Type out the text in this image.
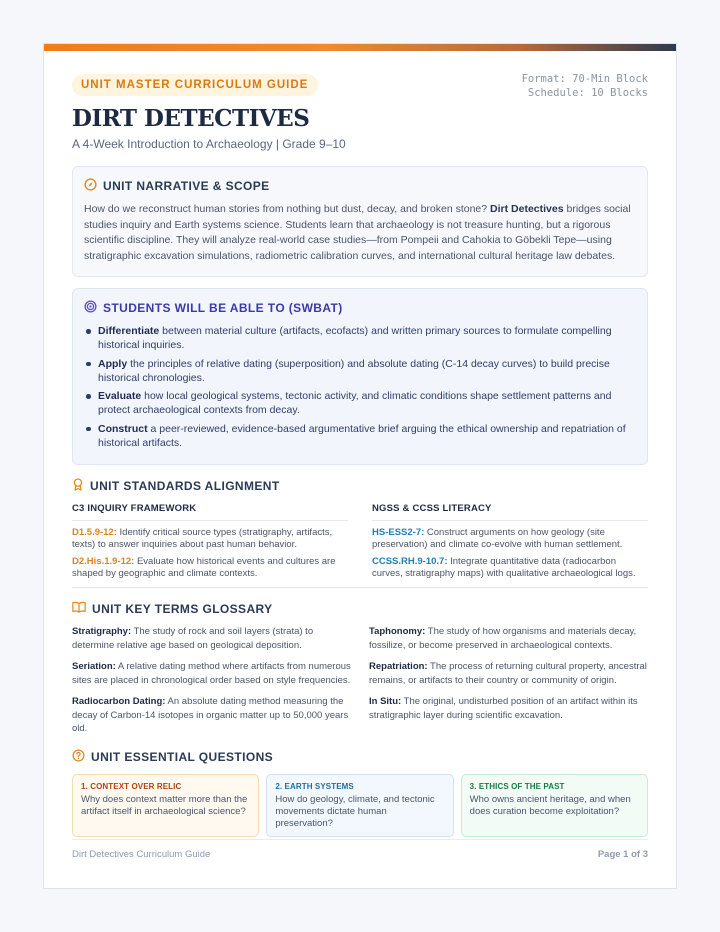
UNIT MASTER CURRICULUM GUIDE	Format: 70-Min Block
Schedule: 10 Blocks
DIRT DETECTIVES
A 4-Week Introduction to Archaeology | Grade 9–10
UNIT NARRATIVE & SCOPE

How do we reconstruct human stories from nothing but dust, decay, and broken stone? Dirt Detectives bridges social studies inquiry and Earth systems science. Students learn that archaeology is not treasure hunting, but a rigorous scientific discipline. They will analyze real-world case studies—from Pompeii and Cahokia to Göbekli Tepe—using stratigraphic excavation simulations, radiometric calibration curves, and international cultural heritage law debates.

STUDENTS WILL BE ABLE TO (SWBAT)
Differentiate between material culture (artifacts, ecofacts) and written primary sources to formulate compelling historical inquiries.
Apply the principles of relative dating (superposition) and absolute dating (C-14 decay curves) to build precise historical chronologies.
Evaluate how local geological systems, tectonic activity, and climatic conditions shape settlement patterns and protect archaeological contexts from decay.
Construct a peer-reviewed, evidence-based argumentative brief arguing the ethical ownership and repatriation of historical artifacts.
UNIT STANDARDS ALIGNMENT
C3 INQUIRY FRAMEWORK
D1.5.9-12: Identify critical source types (stratigraphy, artifacts, texts) to answer inquiries about past human behavior.
D2.His.1.9-12: Evaluate how historical events and cultures are shaped by geographic and climate contexts.
NGSS & CCSS LITERACY
HS-ESS2-7: Construct arguments on how geology (site preservation) and climate co-evolve with human settlement.
CCSS.RH.9-10.7: Integrate quantitative data (radiocarbon curves, stratigraphy maps) with qualitative archaeological logs.
UNIT KEY TERMS GLOSSARY
Stratigraphy: The study of rock and soil layers (strata) to determine relative age based on geological deposition.
Taphonomy: The study of how organisms and materials decay, fossilize, or become preserved in archaeological contexts.
Seriation: A relative dating method where artifacts from numerous sites are placed in chronological order based on style frequencies.
Repatriation: The process of returning cultural property, ancestral remains, or artifacts to their country or community of origin.
Radiocarbon Dating: An absolute dating method measuring the decay of Carbon-14 isotopes in organic matter up to 50,000 years old.
In Situ: The original, undisturbed position of an artifact within its stratigraphic layer during scientific excavation.
UNIT ESSENTIAL QUESTIONS
1. CONTEXT OVER RELIC
Why does context matter more than the artifact itself in archaeological science?
2. EARTH SYSTEMS
How do geology, climate, and tectonic movements dictate human preservation?
3. ETHICS OF THE PAST
Who owns ancient heritage, and when does curation become exploitation?
Dirt Detectives Curriculum Guide	Page 1 of 3
